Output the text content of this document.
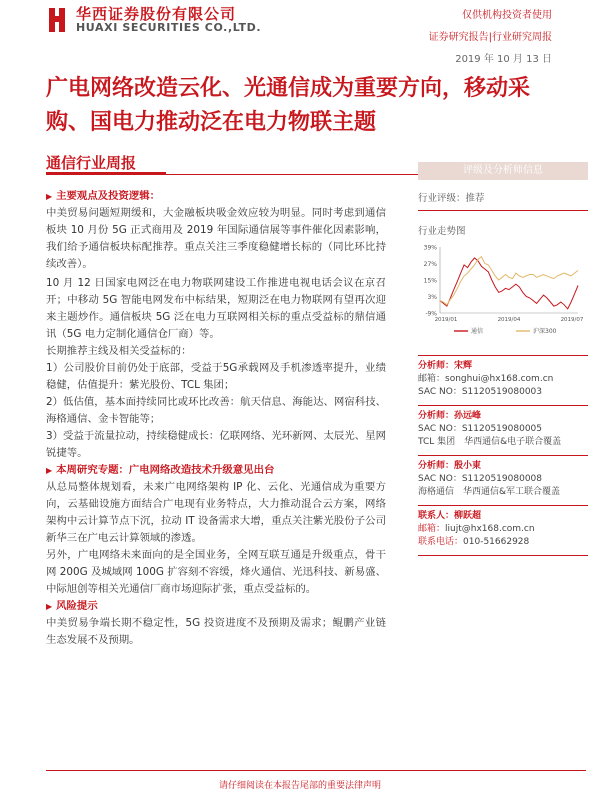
华西证券股份有限公司
HUAXI SECURITIES CO.,LTD.
仅供机构投资者使用
证券研究报告|行业研究周报
2019 年 10 月 13 日
广电网络改造云化、光通信成为重要方向，移动采购、国电力推动泛在电力物联主题
通信行业周报

▶ 主要观点及投资逻辑：

中美贸易问题短期缓和，大金融板块吸金效应较为明显。同时考虑到通信板块 10 月份 5G 正式商用及 2019 年国际通信展等事件催化因素影响，我们给予通信板块标配推荐。重点关注三季度稳健增长标的（同比环比持续改善）。

10 月 12 日国家电网泛在电力物联网建设工作推进电视电话会议在京召开；中移动 5G 智能电网发布中标结果，短期泛在电力物联网有望再次迎来主题炒作。通信板块 5G 泛在电力互联网相关标的重点受益标的鼎信通讯（5G 电力定制化通信仓厂商）等。

长期推荐主线及相关受益标的：

1）公司股价目前仍处于底部，受益于5G承载网及手机渗透率提升，业绩稳健，估值提升：紫光股份、TCL 集团；

2）低估值，基本面持续同比或环比改善：航天信息、海能达、网宿科技、海格通信、金卡智能等；

3）受益于流量拉动，持续稳健成长：亿联网络、光环新网、太辰光、星网锐捷等。

▶ 本周研究专题：广电网络改造技术升级意见出台

从总局整体规划看，未来广电网络架构 IP 化、云化、光通信成为重要方向，云基础设施方面结合广电现有业务特点，大力推动混合云方案，网络架构中云计算节点下沉，拉动 IT 设备需求大增，重点关注紫光股份子公司新华三在广电云计算领域的渗透。

另外，广电网络未来面向的是全国业务，全网互联互通是升级重点，骨干网 200G 及城域网 100G 扩容刻不容缓，烽火通信、光迅科技、新易盛、中际旭创等相关光通信厂商市场迎际扩张，重点受益标的。

▶ 风险提示

中美贸易争端长期不稳定性，5G 投资进度不及预期及需求；鲲鹏产业链生态发展不及预期。

评级及分析师信息
行业评级：推荐
行业走势图
39%
27%
15%
3%
-9%
2019/01	2019/04	2019/07
通信	沪深300
分析师：宋辉
邮箱：songhui@hx168.com.cn
SAC NO：S1120519080003
分析师：孙远峰
SAC NO：S1120519080005
TCL 集团　华西通信&电子联合覆盖
分析师：殷小東
SAC NO：S1120519080008
海格通信　华西通信&军工联合覆盖
联系人：柳跃超
邮箱：liujt@hx168.com.cn
联系电话：010-51662928
请仔细阅读在本报告尾部的重要法律声明
